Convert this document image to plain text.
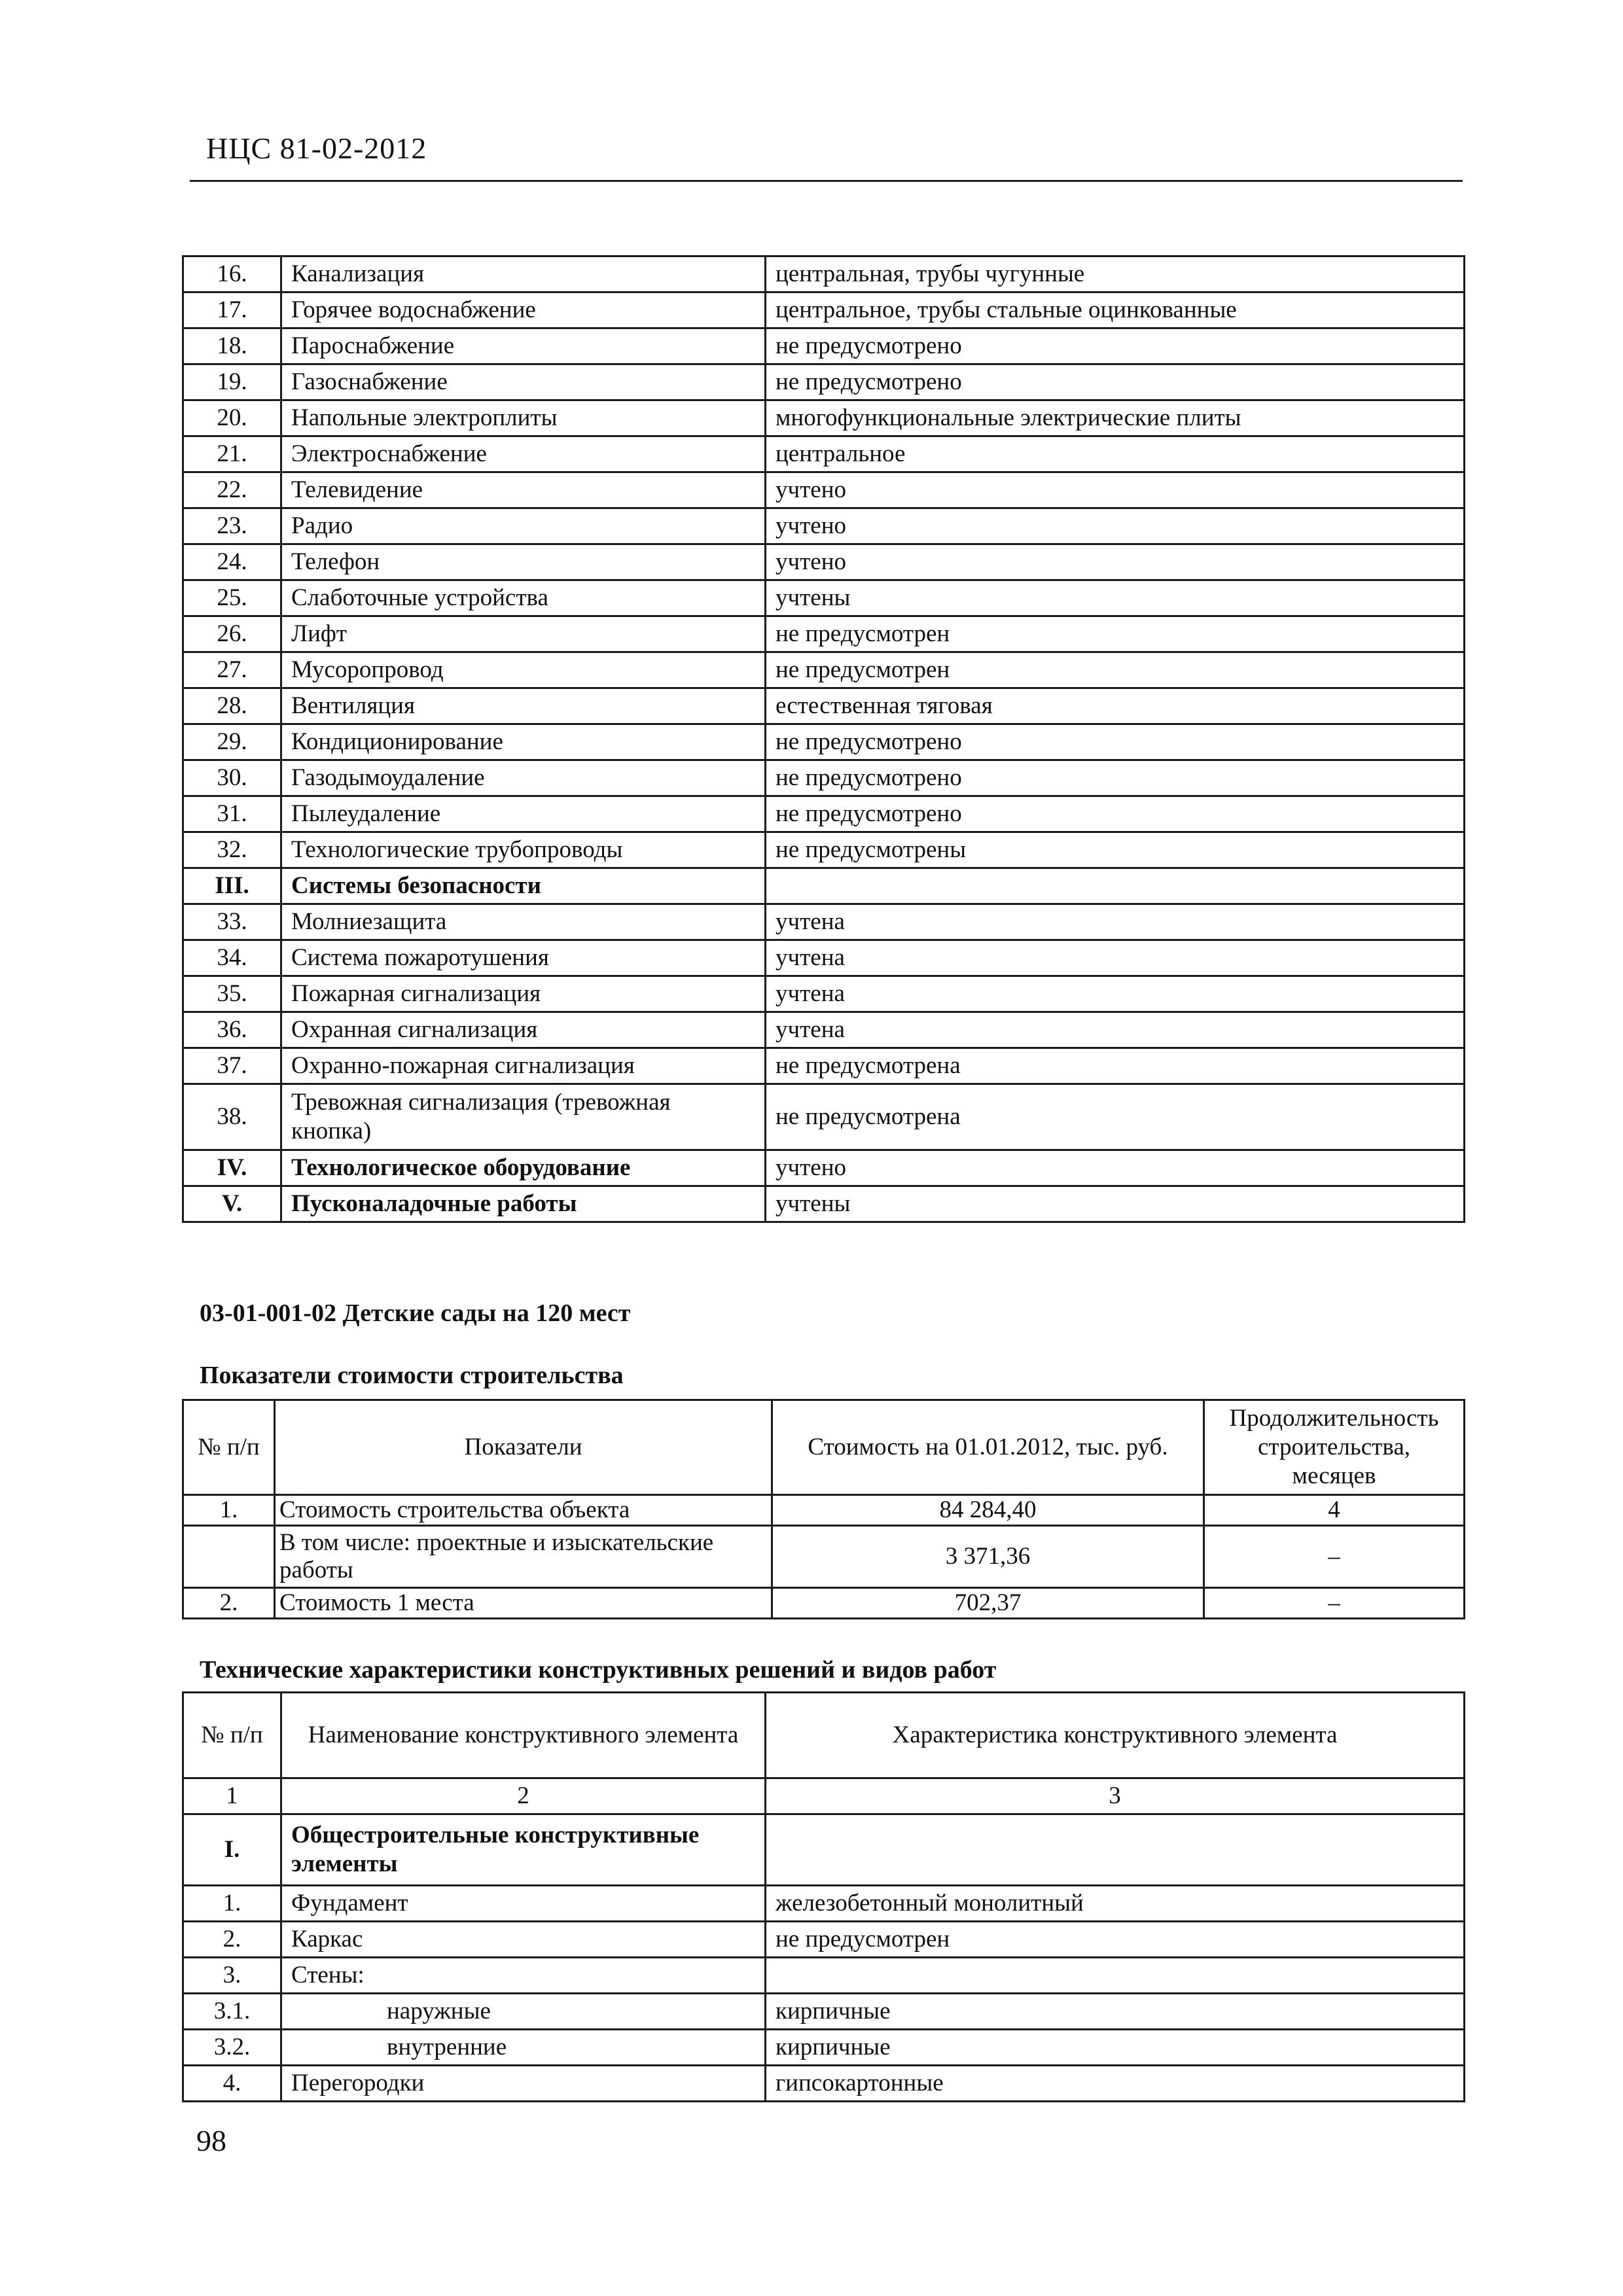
НЦС 81-02-2012
16.	Канализация	центральная, трубы чугунные
17.	Горячее водоснабжение	центральное, трубы стальные оцинкованные
18.	Пароснабжение	не предусмотрено
19.	Газоснабжение	не предусмотрено
20.	Напольные электроплиты	многофункциональные электрические плиты
21.	Электроснабжение	центральное
22.	Телевидение	учтено
23.	Радио	учтено
24.	Телефон	учтено
25.	Слаботочные устройства	учтены
26.	Лифт	не предусмотрен
27.	Мусоропровод	не предусмотрен
28.	Вентиляция	естественная тяговая
29.	Кондиционирование	не предусмотрено
30.	Газодымоудаление	не предусмотрено
31.	Пылеудаление	не предусмотрено
32.	Технологические трубопроводы	не предусмотрены
III.	Системы безопасности	
33.	Молниезащита	учтена
34.	Система пожаротушения	учтена
35.	Пожарная сигнализация	учтена
36.	Охранная сигнализация	учтена
37.	Охранно-пожарная сигнализация	не предусмотрена
38.	Тревожная сигнализация (тревожная кнопка)	не предусмотрена
IV.	Технологическое оборудование	учтено
V.	Пусконаладочные работы	учтены
03-01-001-02 Детские сады на 120 мест
Показатели стоимости строительства
№ п/п	Показатели	Стоимость на 01.01.2012, тыс. руб.	Продолжительность строительства, месяцев
1.	Стоимость строительства объекта	84 284,40	4
	В том числе: проектные и изыскательские работы	3 371,36	–
2.	Стоимость 1 места	702,37	–
Технические характеристики конструктивных решений и видов работ
№ п/п	Наименование конструктивного элемента	Характеристика конструктивного элемента
1	2	3
I.	Общестроительные конструктивные элементы	
1.	Фундамент	железобетонный монолитный
2.	Каркас	не предусмотрен
3.	Стены:	
3.1.	наружные	кирпичные
3.2.	внутренние	кирпичные
4.	Перегородки	гипсокартонные
98
